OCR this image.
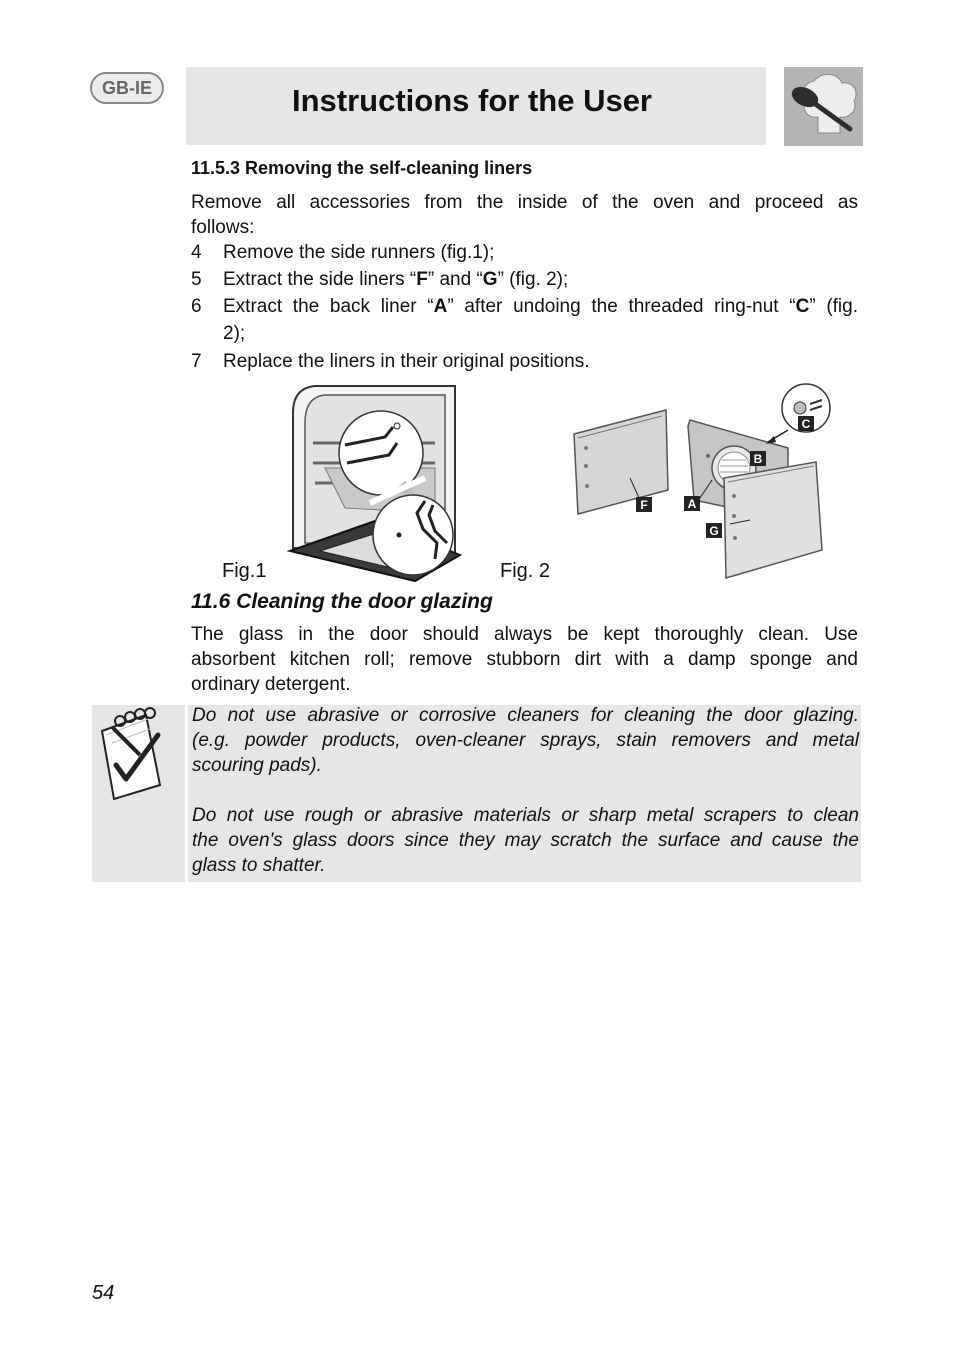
GB-IE	Instructions for the User
11.5.3 Removing the self-cleaning liners
Remove all accessories from the inside of the oven and proceed as
follows:
4 Remove the side runners (fig.1);
5 Extract the side liners “F” and “G” (fig. 2);
6 Extract the back liner “A” after undoing the threaded ring-nut “C” (fig.
2);
7 Replace the liners in their original positions.
C
B
A
F
G
Fig.1	Fig. 2
11.6 Cleaning the door glazing
The glass in the door should always be kept thoroughly clean. Use
absorbent kitchen roll; remove stubborn dirt with a damp sponge and
ordinary detergent.
Do not use abrasive or corrosive cleaners for cleaning the door glazing.
(e.g. powder products, oven-cleaner sprays, stain removers and metal
scouring pads).
Do not use rough or abrasive materials or sharp metal scrapers to clean
the oven's glass doors since they may scratch the surface and cause the
glass to shatter.
54
